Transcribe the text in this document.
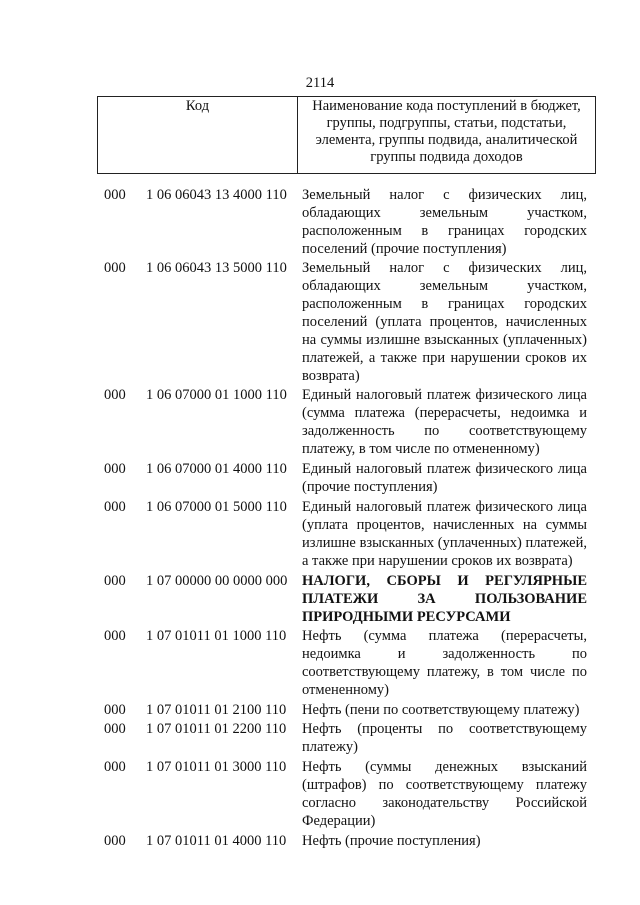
2114
Код	Наименование кода поступлений в бюджет, группы, подгруппы, статьи, подстатьи, элемента, группы подвида, аналитической группы подвида доходов
000 1 06 06043 13 4000 110 Земельный налог с физических лиц, обладающих земельным участком, расположенным в границах городских поселений (прочие поступления)
000 1 06 06043 13 5000 110 Земельный налог с физических лиц, обладающих земельным участком, расположенным в границах городских поселений (уплата процентов, начисленных на суммы излишне взысканных (уплаченных) платежей, а также при нарушении сроков их возврата)
000 1 06 07000 01 1000 110 Единый налоговый платеж физического лица (сумма платежа (перерасчеты, недоимка и задолженность по соответствующему платежу, в том числе по отмененному)
000 1 06 07000 01 4000 110 Единый налоговый платеж физического лица (прочие поступления)
000 1 06 07000 01 5000 110 Единый налоговый платеж физического лица (уплата процентов, начисленных на суммы излишне взысканных (уплаченных) платежей, а также при нарушении сроков их возврата)
000 1 07 00000 00 0000 000 НАЛОГИ, СБОРЫ И РЕГУЛЯРНЫЕ ПЛАТЕЖИ ЗА ПОЛЬЗОВАНИЕ ПРИРОДНЫМИ РЕСУРСАМИ
000 1 07 01011 01 1000 110 Нефть (сумма платежа (перерасчеты, недоимка и задолженность по соответствующему платежу, в том числе по отмененному)
000 1 07 01011 01 2100 110 Нефть (пени по соответствующему платежу)
000 1 07 01011 01 2200 110 Нефть (проценты по соответствующему платежу)
000 1 07 01011 01 3000 110 Нефть (суммы денежных взысканий (штрафов) по соответствующему платежу согласно законодательству Российской Федерации)
000 1 07 01011 01 4000 110 Нефть (прочие поступления)
